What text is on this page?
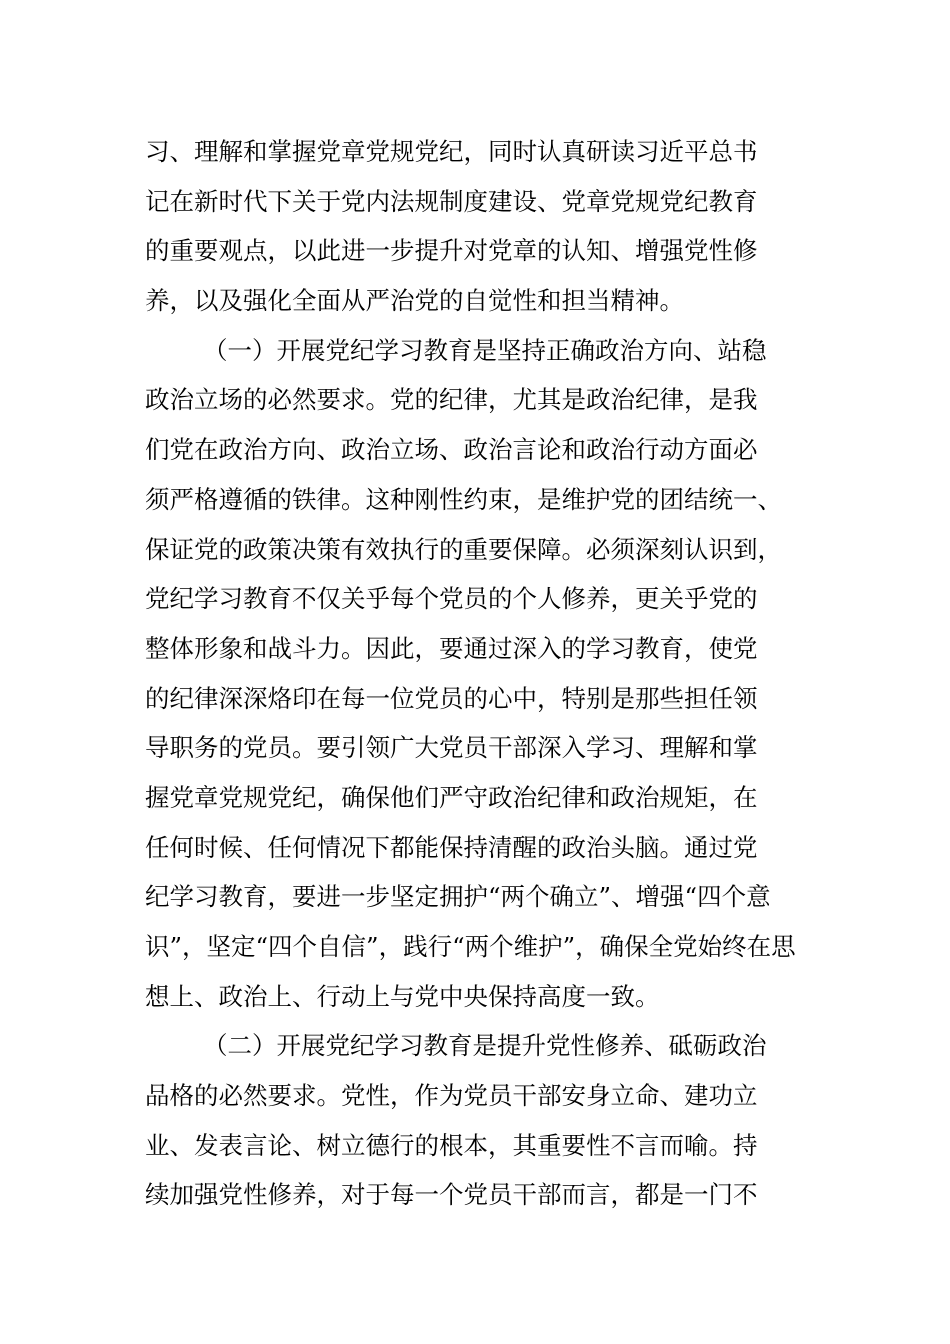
习、理解和掌握党章党规党纪，同时认真研读习近平总书
记在新时代下关于党内法规制度建设、党章党规党纪教育
的重要观点，以此进一步提升对党章的认知、增强党性修
养，以及强化全面从严治党的自觉性和担当精神。
（一）开展党纪学习教育是坚持正确政治方向、站稳
政治立场的必然要求。党的纪律，尤其是政治纪律，是我
们党在政治方向、政治立场、政治言论和政治行动方面必
须严格遵循的铁律。这种刚性约束，是维护党的团结统一、
保证党的政策决策有效执行的重要保障。必须深刻认识到，
党纪学习教育不仅关乎每个党员的个人修养，更关乎党的
整体形象和战斗力。因此，要通过深入的学习教育，使党
的纪律深深烙印在每一位党员的心中，特别是那些担任领
导职务的党员。要引领广大党员干部深入学习、理解和掌
握党章党规党纪，确保他们严守政治纪律和政治规矩，在
任何时候、任何情况下都能保持清醒的政治头脑。通过党
纪学习教育，要进一步坚定拥护“两个确立”、增强“四个意
识”，坚定“四个自信”，践行“两个维护”，确保全党始终在思
想上、政治上、行动上与党中央保持高度一致。
（二）开展党纪学习教育是提升党性修养、砥砺政治
品格的必然要求。党性，作为党员干部安身立命、建功立
业、发表言论、树立德行的根本，其重要性不言而喻。持
续加强党性修养，对于每一个党员干部而言，都是一门不
